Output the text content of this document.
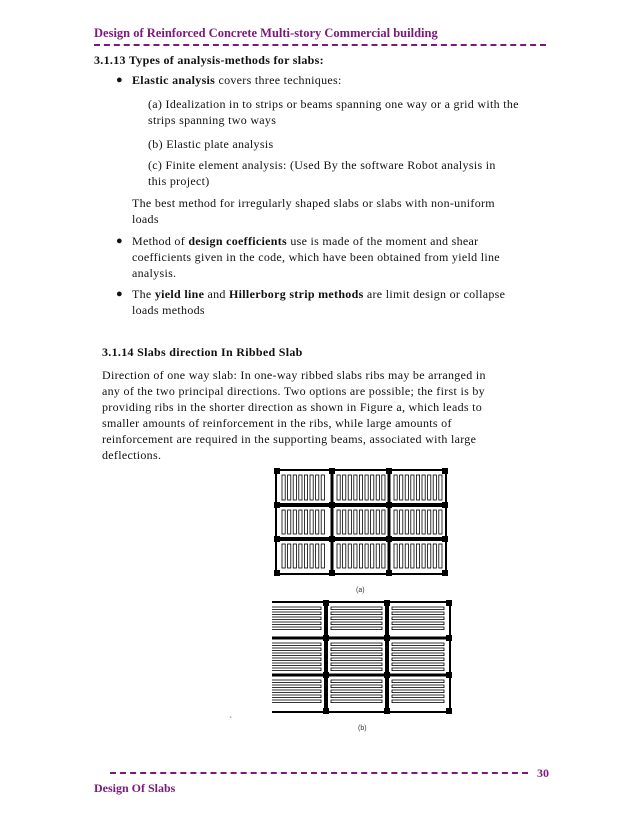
Design of Reinforced Concrete Multi-story Commercial building
3.1.13 Types of analysis-methods for slabs:
● Elastic analysis covers three techniques:
(a) Idealization in to strips or beams spanning one way or a grid with the
strips spanning two ways
(b) Elastic plate analysis
(c) Finite element analysis: (Used By the software Robot analysis in
this project)
The best method for irregularly shaped slabs or slabs with non-uniform
loads
● Method of design coefficients use is made of the moment and shear
coefficients given in the code, which have been obtained from yield line
analysis.
● The yield line and Hillerborg strip methods are limit design or collapse
loads methods
3.1.14 Slabs direction In Ribbed Slab
Direction of one way slab: In one-way ribbed slabs ribs may be arranged in
any of the two principal directions. Two options are possible; the first is by
providing ribs in the shorter direction as shown in Figure a, which leads to
smaller amounts of reinforcement in the ribs, while large amounts of
reinforcement are required in the supporting beams, associated with large
deflections.
(a)
(b)
`
30
Design Of Slabs
